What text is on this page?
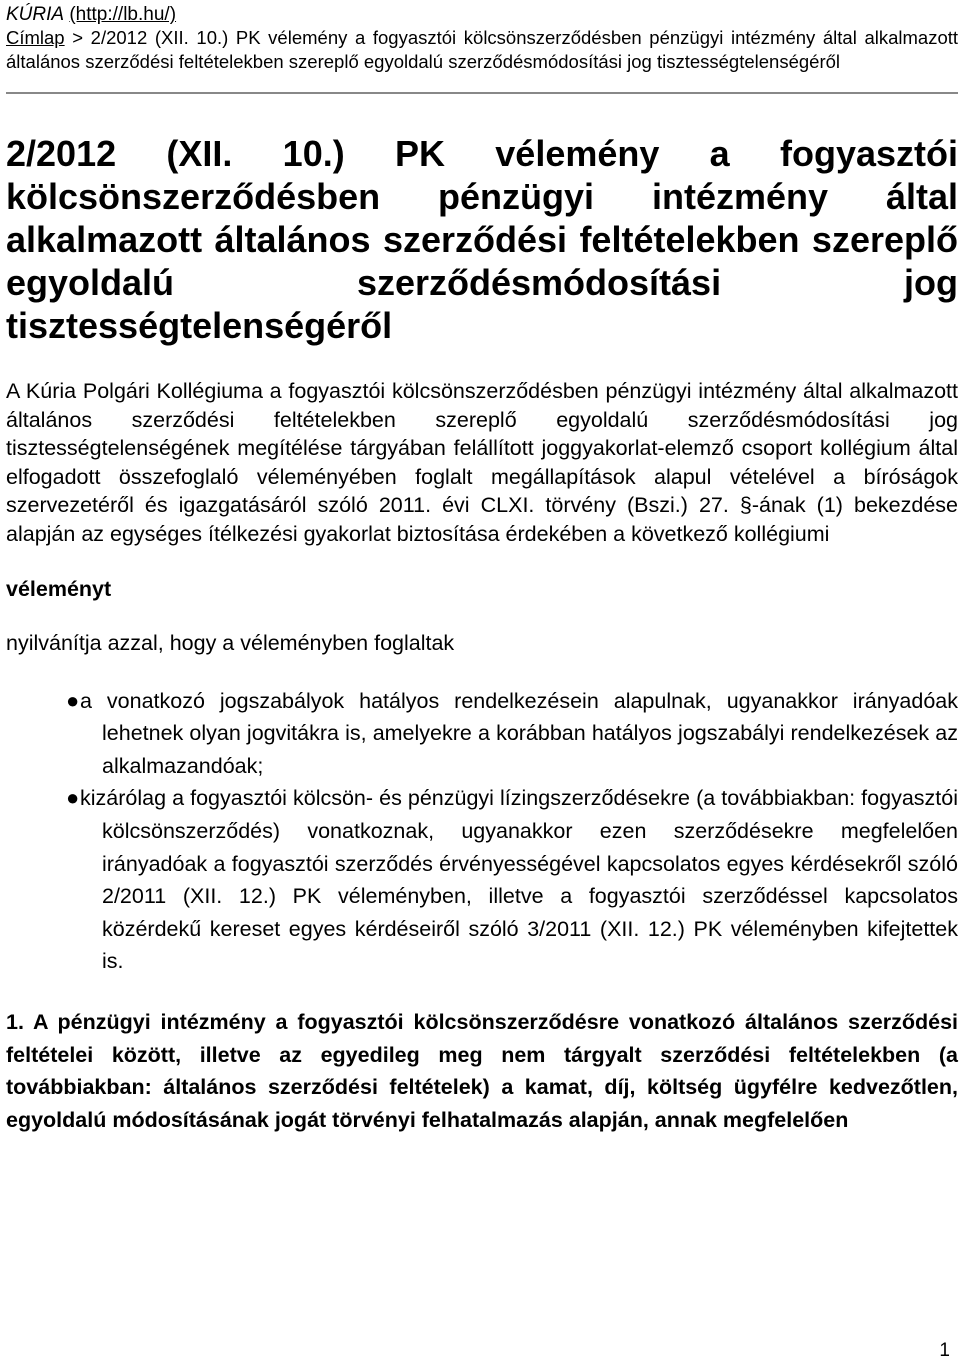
KÚRIA (http://lb.hu/)
Címlap > 2/2012 (XII. 10.) PK vélemény a fogyasztói kölcsönszerződésben pénzügyi intézmény által alkalmazott általános szerződési feltételekben szereplő egyoldalú szerződésmódosítási jog tisztességtelenségéről
2/2012 (XII. 10.) PK vélemény a fogyasztói kölcsönszerződésben pénzügyi intézmény által alkalmazott általános szerződési feltételekben szereplő egyoldalú szerződésmódosítási jog tisztességtelenségéről

A Kúria Polgári Kollégiuma a fogyasztói kölcsönszerződésben pénzügyi intézmény által alkalmazott általános szerződési feltételekben szereplő egyoldalú szerződésmódosítási jog tisztességtelenségének megítélése tárgyában felállított joggyakorlat-elemző csoport kollégium által elfogadott összefoglaló véleményében foglalt megállapítások alapul vételével a bíróságok szervezetéről és igazgatásáról szóló 2011. évi CLXI. törvény (Bszi.) 27. §-ának (1) bekezdése alapján az egységes ítélkezési gyakorlat biztosítása érdekében a következő kollégiumi

véleményt

nyilvánítja azzal, hogy a véleményben foglaltak

● a vonatkozó jogszabályok hatályos rendelkezésein alapulnak, ugyanakkor irányadóak lehetnek olyan jogvitákra is, amelyekre a korábban hatályos jogszabályi rendelkezések az alkalmazandóak;
● kizárólag a fogyasztói kölcsön- és pénzügyi lízingszerződésekre (a továbbiakban: fogyasztói kölcsönszerződés) vonatkoznak, ugyanakkor ezen szerződésekre megfelelően irányadóak a fogyasztói szerződés érvényességével kapcsolatos egyes kérdésekről szóló 2/2011 (XII. 12.) PK véleményben, illetve a fogyasztói szerződéssel kapcsolatos közérdekű kereset egyes kérdéseiről szóló 3/2011 (XII. 12.) PK véleményben kifejtettek is.

1. A pénzügyi intézmény a fogyasztói kölcsönszerződésre vonatkozó általános szerződési feltételei között, illetve az egyedileg meg nem tárgyalt szerződési feltételekben (a továbbiakban: általános szerződési feltételek) a kamat, díj, költség ügyfélre kedvezőtlen, egyoldalú módosításának jogát törvényi felhatalmazás alapján, annak megfelelően

1
